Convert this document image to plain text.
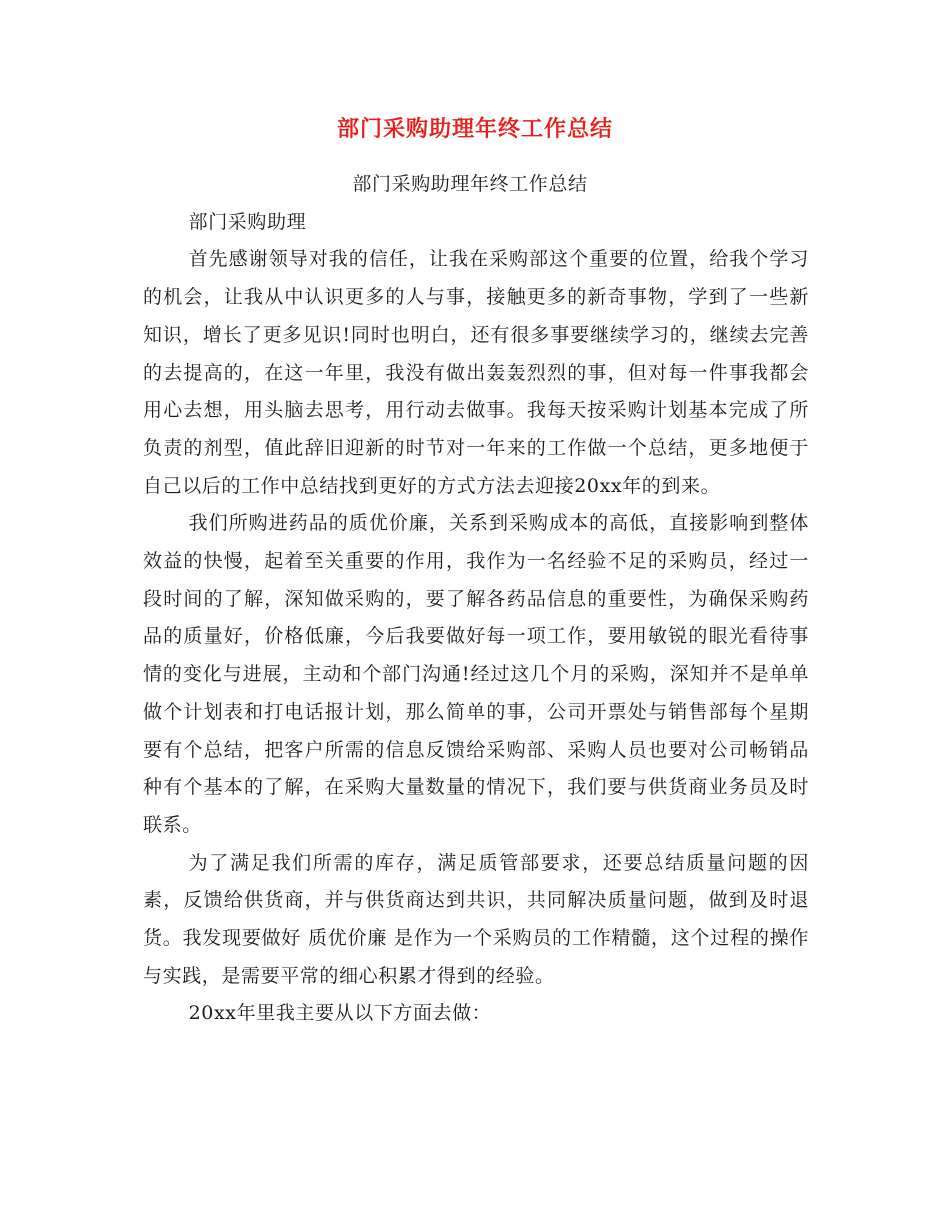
部门采购助理年终工作总结

部门采购助理年终工作总结

部门采购助理

首先感谢领导对我的信任，让我在采购部这个重要的位置，给我个学习的机会，让我从中认识更多的人与事，接触更多的新奇事物，学到了一些新知识，增长了更多见识!同时也明白，还有很多事要继续学习的，继续去完善的去提高的，在这一年里，我没有做出轰轰烈烈的事，但对每一件事我都会用心去想，用头脑去思考，用行动去做事。我每天按采购计划基本完成了所负责的剂型，值此辞旧迎新的时节对一年来的工作做一个总结，更多地便于自己以后的工作中总结找到更好的方式方法去迎接20xx年的到来。

我们所购进药品的质优价廉，关系到采购成本的高低，直接影响到整体效益的快慢，起着至关重要的作用，我作为一名经验不足的采购员，经过一段时间的了解，深知做采购的，要了解各药品信息的重要性，为确保采购药品的质量好，价格低廉，今后我要做好每一项工作，要用敏锐的眼光看待事情的变化与进展，主动和个部门沟通!经过这几个月的采购，深知并不是单单做个计划表和打电话报计划，那么简单的事，公司开票处与销售部每个星期要有个总结，把客户所需的信息反馈给采购部、采购人员也要对公司畅销品种有个基本的了解，在采购大量数量的情况下，我们要与供货商业务员及时联系。

为了满足我们所需的库存，满足质管部要求，还要总结质量问题的因素，反馈给供货商，并与供货商达到共识，共同解决质量问题，做到及时退货。我发现要做好 质优价廉 是作为一个采购员的工作精髓，这个过程的操作与实践，是需要平常的细心积累才得到的经验。

20xx年里我主要从以下方面去做：
